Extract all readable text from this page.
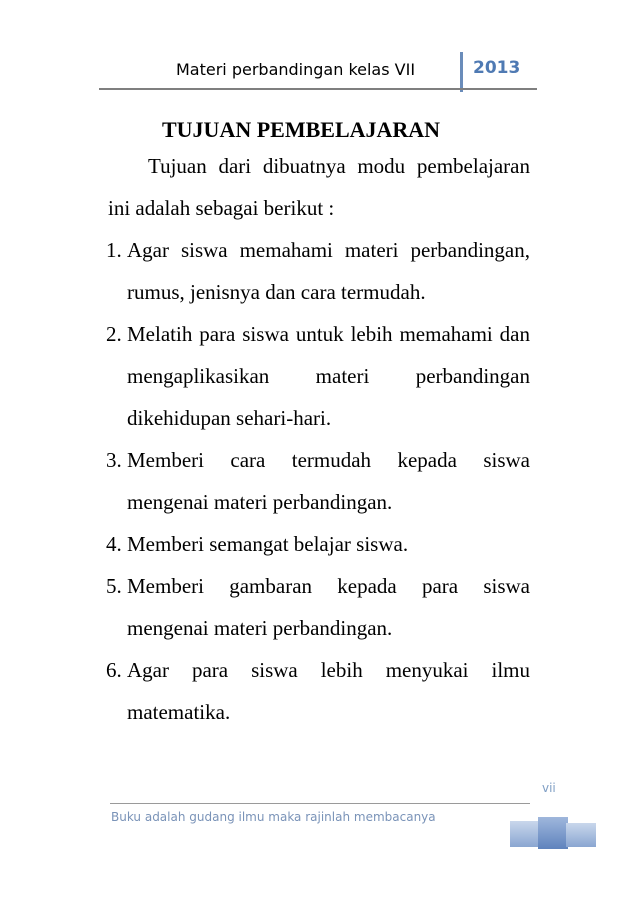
Materi perbandingan kelas VII	2013
TUJUAN PEMBELAJARAN

Tujuan dari dibuatnya modu pembelajaran ini adalah sebagai berikut :

1. Agar siswa memahami materi perbandingan, rumus, jenisnya dan cara termudah.
2. Melatih para siswa untuk lebih memahami dan mengaplikasikan materi perbandingan dikehidupan sehari-hari.
3. Memberi cara termudah kepada siswa mengenai materi perbandingan.
4. Memberi semangat belajar siswa.
5. Memberi gambaran kepada para siswa mengenai materi perbandingan.
6. Agar para siswa lebih menyukai ilmu matematika.
vii
Buku adalah gudang ilmu maka rajinlah membacanya
